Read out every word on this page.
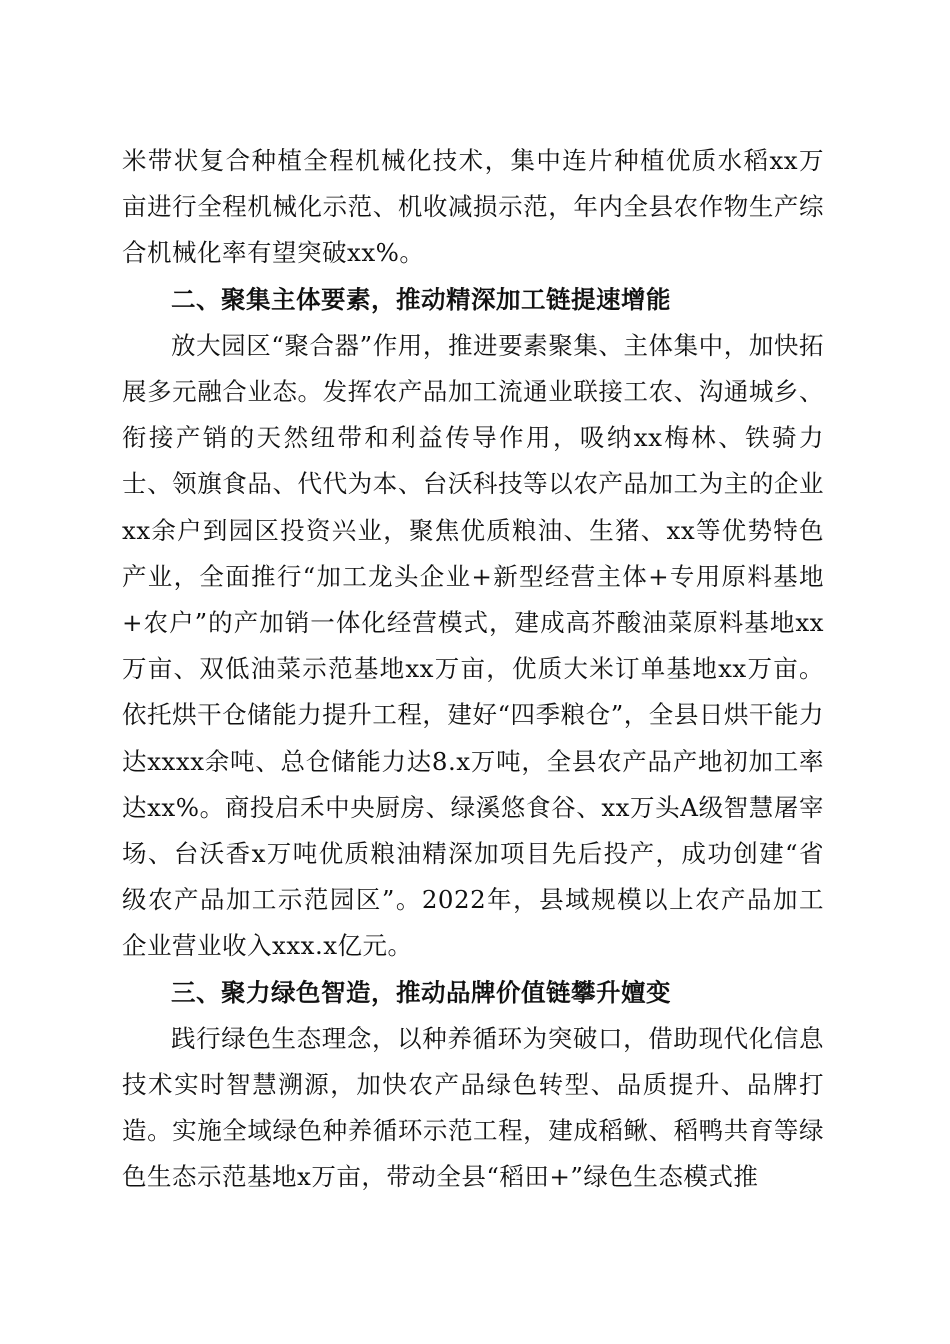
米带状复合种植全程机械化技术，集中连片种植优质水稻xx万亩进行全程机械化示范、机收减损示范，年内全县农作物生产综合机械化率有望突破xx%。

二、聚集主体要素，推动精深加工链提速增能

放大园区“聚合器”作用，推进要素聚集、主体集中，加快拓展多元融合业态。发挥农产品加工流通业联接工农、沟通城乡、衔接产销的天然纽带和利益传导作用，吸纳xx梅林、铁骑力士、领旗食品、代代为本、台沃科技等以农产品加工为主的企业xx余户到园区投资兴业，聚焦优质粮油、生猪、xx等优势特色产业，全面推行“加工龙头企业+新型经营主体+专用原料基地+农户”的产加销一体化经营模式，建成高芥酸油菜原料基地xx万亩、双低油菜示范基地xx万亩，优质大米订单基地xx万亩。依托烘干仓储能力提升工程，建好“四季粮仓”，全县日烘干能力达xxxx余吨、总仓储能力达8.x万吨，全县农产品产地初加工率达xx%。商投启禾中央厨房、绿溪悠食谷、xx万头A级智慧屠宰场、台沃香x万吨优质粮油精深加项目先后投产，成功创建“省级农产品加工示范园区”。2022年，县域规模以上农产品加工企业营业收入xxx.x亿元。

三、聚力绿色智造，推动品牌价值链攀升嬗变

践行绿色生态理念，以种养循环为突破口，借助现代化信息技术实时智慧溯源，加快农产品绿色转型、品质提升、品牌打造。实施全域绿色种养循环示范工程，建成稻鳅、稻鸭共育等绿色生态示范基地x万亩，带动全县“稻田+”绿色生态模式推
